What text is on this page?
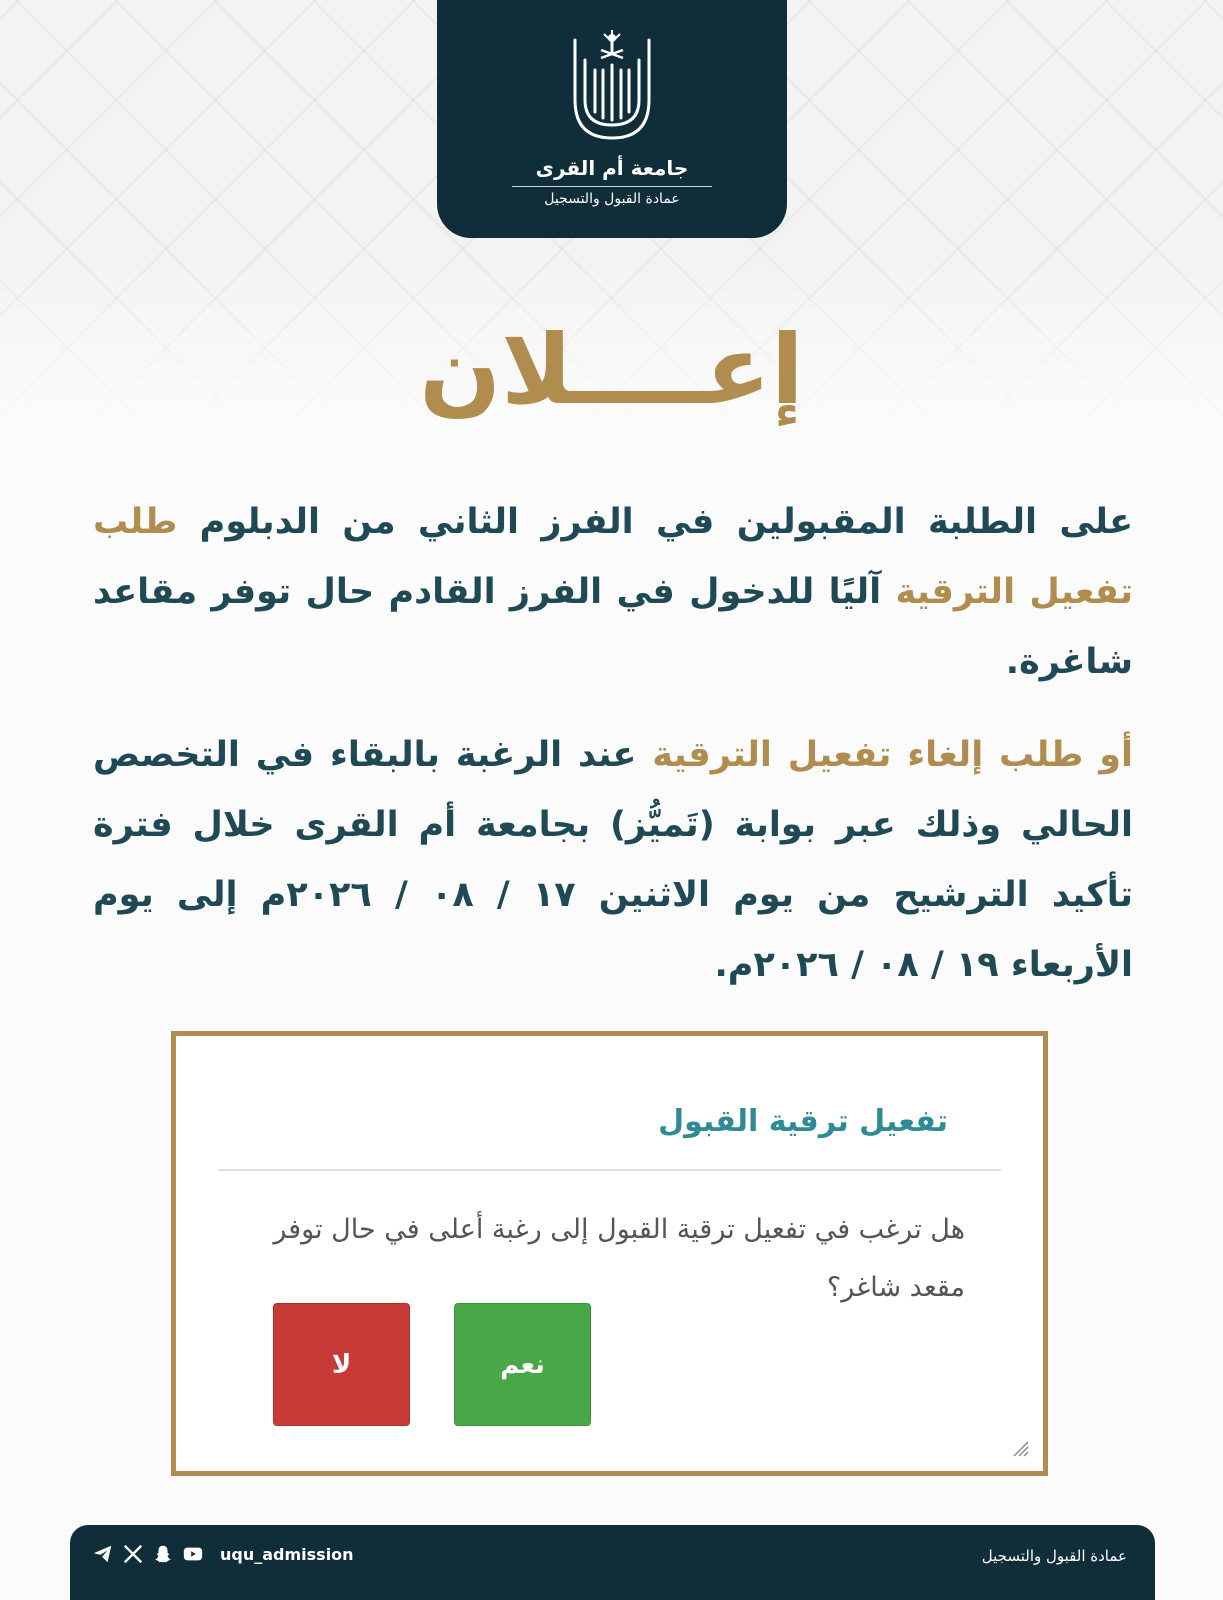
جامعة أم القرى
عمادة القبول والتسجيل
إعــــلان
على الطلبة المقبولين في الفرز الثاني من الدبلوم طلب تفعيل الترقية آليًا للدخول في الفرز القادم حال توفر مقاعد شاغرة.
أو طلب إلغاء تفعيل الترقية عند الرغبة بالبقاء في التخصص الحالي وذلك عبر بوابة (تَميُّز) بجامعة أم القرى خلال فترة تأكيد الترشيح من يوم الاثنين ١٧ / ٠٨ / ٢٠٢٦م إلى يوم الأربعاء ١٩ / ٠٨ / ٢٠٢٦م.
تفعيل ترقية القبول
هل ترغب في تفعيل ترقية القبول إلى رغبة أعلى في حال توفر مقعد شاغر؟
نعم
لا
uqu_admission	عمادة القبول والتسجيل
